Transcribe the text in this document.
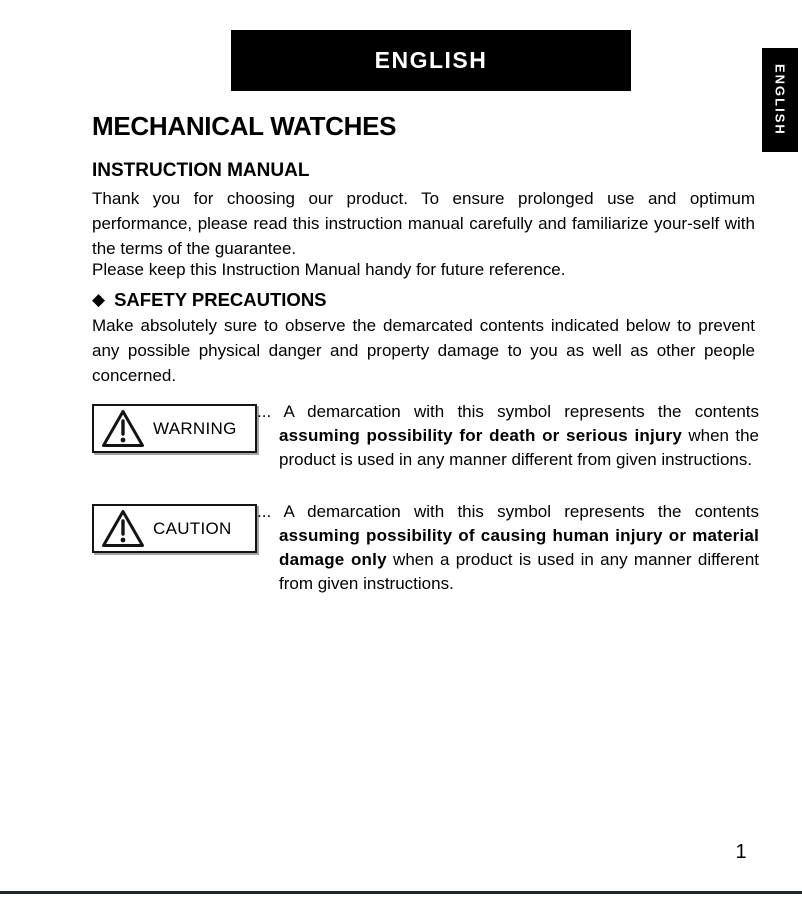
ENGLISH
ENGLISH
MECHANICAL WATCHES
INSTRUCTION MANUAL

Thank you for choosing our product. To ensure prolonged use and optimum performance, please read this instruction manual carefully and familiarize your-self with the terms of the guarantee.

Please keep this Instruction Manual handy for future reference.

◆ SAFETY PRECAUTIONS

Make absolutely sure to observe the demarcated contents indicated below to prevent any possible physical danger and property damage to you as well as other people concerned.

WARNING

... A demarcation with this symbol represents the contents assuming possibility for death or serious injury when the product is used in any manner different from given instructions.

CAUTION

... A demarcation with this symbol represents the contents assuming possibility of causing human injury or material damage only when a product is used in any manner different from given instructions.

1
